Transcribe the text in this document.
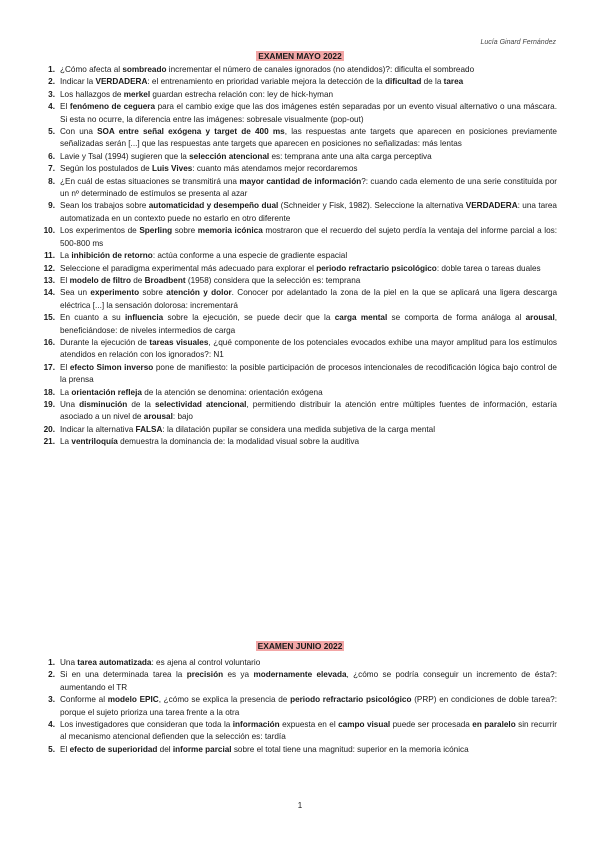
Lucía Ginard Fernández
EXAMEN MAYO 2022
1. ¿Cómo afecta al sombreado incrementar el número de canales ignorados (no atendidos)?: dificulta el sombreado
2. Indicar la VERDADERA: el entrenamiento en prioridad variable mejora la detección de la dificultad de la tarea
3. Los hallazgos de merkel guardan estrecha relación con: ley de hick-hyman
4. El fenómeno de ceguera para el cambio exige que las dos imágenes estén separadas por un evento visual alternativo o una máscara. Si esta no ocurre, la diferencia entre las imágenes: sobresale visualmente (pop-out)
5. Con una SOA entre señal exógena y target de 400 ms, las respuestas ante targets que aparecen en posiciones previamente señalizadas serán [...] que las respuestas ante targets que aparecen en posiciones no señalizadas: más lentas
6. Lavie y Tsal (1994) sugieren que la selección atencional es: temprana ante una alta carga perceptiva
7. Según los postulados de Luis Vives: cuanto más atendamos mejor recordaremos
8. ¿En cuál de estas situaciones se transmitirá una mayor cantidad de información?: cuando cada elemento de una serie constituida por un nº determinado de estímulos se presenta al azar
9. Sean los trabajos sobre automaticidad y desempeño dual (Schneider y Fisk, 1982). Seleccione la alternativa VERDADERA: una tarea automatizada en un contexto puede no estarlo en otro diferente
10. Los experimentos de Sperling sobre memoria icónica mostraron que el recuerdo del sujeto perdía la ventaja del informe parcial a los: 500-800 ms
11. La inhibición de retorno: actúa conforme a una especie de gradiente espacial
12. Seleccione el paradigma experimental más adecuado para explorar el periodo refractario psicológico: doble tarea o tareas duales
13. El modelo de filtro de Broadbent (1958) considera que la selección es: temprana
14. Sea un experimento sobre atención y dolor. Conocer por adelantado la zona de la piel en la que se aplicará una ligera descarga eléctrica [...] la sensación dolorosa: incrementará
15. En cuanto a su influencia sobre la ejecución, se puede decir que la carga mental se comporta de forma análoga al arousal, beneficiándose: de niveles intermedios de carga
16. Durante la ejecución de tareas visuales, ¿qué componente de los potenciales evocados exhibe una mayor amplitud para los estímulos atendidos en relación con los ignorados?: N1
17. El efecto Simon inverso pone de manifiesto: la posible participación de procesos intencionales de recodificación lógica bajo control de la prensa
18. La orientación refleja de la atención se denomina: orientación exógena
19. Una disminución de la selectividad atencional, permitiendo distribuir la atención entre múltiples fuentes de información, estaría asociado a un nivel de arousal: bajo
20. Indicar la alternativa FALSA: la dilatación pupilar se considera una medida subjetiva de la carga mental
21. La ventriloquía demuestra la dominancia de: la modalidad visual sobre la auditiva
EXAMEN JUNIO 2022
1. Una tarea automatizada: es ajena al control voluntario
2. Si en una determinada tarea la precisión es ya modernamente elevada, ¿cómo se podría conseguir un incremento de ésta?: aumentando el TR
3. Conforme al modelo EPIC, ¿cómo se explica la presencia de periodo refractario psicológico (PRP) en condiciones de doble tarea?: porque el sujeto prioriza una tarea frente a la otra
4. Los investigadores que consideran que toda la información expuesta en el campo visual puede ser procesada en paralelo sin recurrir al mecanismo atencional defienden que la selección es: tardía
5. El efecto de superioridad del informe parcial sobre el total tiene una magnitud: superior en la memoria icónica
1
